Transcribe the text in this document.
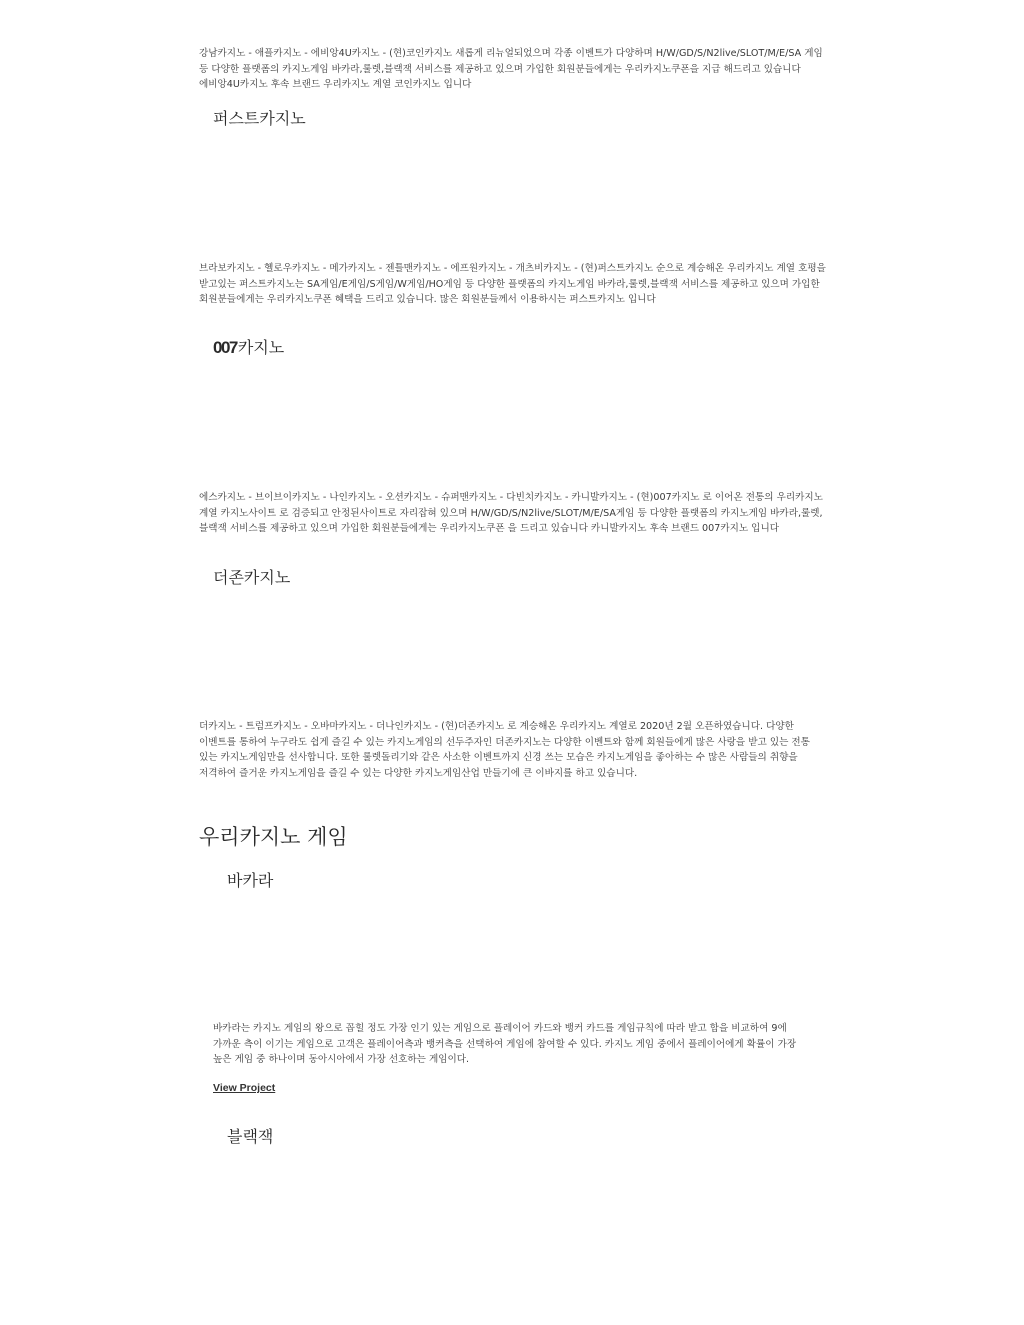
강남카지노 - 애플카지노 - 에비앙4U카지노 - (현)코인카지노 새롭게 리뉴얼되었으며 각종 이벤트가 다양하며 H/W/GD/S/N2live/SLOT/M/E/SA 게임 등 다양한 플랫폼의 카지노게임 바카라,룰렛,블랙잭 서비스를 제공하고 있으며 가입한 회원분들에게는 우리카지노쿠폰을 지급 해드리고 있습니다 에비앙4U카지노 후속 브랜드 우리카지노 계열 코인카지노 입니다

퍼스트카지노

브라보카지노 - 헬로우카지노 - 메가카지노 - 젠틀맨카지노 - 에프원카지노 - 개츠비카지노 - (현)퍼스트카지노 순으로 계승해온 우리카지노 계열 호평을 받고있는 퍼스트카지노는 SA게임/E게임/S게임/W게임/HO게임 등 다양한 플랫폼의 카지노게임 바카라,룰렛,블랙잭 서비스를 제공하고 있으며 가입한 회원분들에게는 우리카지노쿠폰 혜택을 드리고 있습니다. 많은 회원분들께서 이용하시는 퍼스트카지노 입니다

007카지노

에스카지노 - 브이브이카지노 - 나인카지노 - 오션카지노 - 슈퍼맨카지노 - 다빈치카지노 - 카니발카지노 - (현)007카지노 로 이어온 전통의 우리카지노 계열 카지노사이트 로 검증되고 안정된사이트로 자리잡혀 있으며 H/W/GD/S/N2live/SLOT/M/E/SA게임 등 다양한 플랫폼의 카지노게임 바카라,룰렛,블랙잭 서비스를 제공하고 있으며 가입한 회원분들에게는 우리카지노쿠폰 을 드리고 있습니다 카니발카지노 후속 브랜드 007카지노 입니다

더존카지노

더카지노 - 트럼프카지노 - 오바마카지노 - 더나인카지노 - (현)더존카지노 로 계승해온 우리카지노 계열로 2020년 2월 오픈하였습니다. 다양한 이벤트를 통하여 누구라도 쉽게 즐길 수 있는 카지노게임의 선두주자인 더존카지노는 다양한 이벤트와 함께 회원들에게 많은 사랑을 받고 있는 전통 있는 카지노게임만을 선사합니다. 또한 룰렛돌리기와 같은 사소한 이벤트까지 신경 쓰는 모습은 카지노게임을 좋아하는 수 많은 사람들의 취향을 저격하여 즐거운 카지노게임을 즐길 수 있는 다양한 카지노게임산업 만들기에 큰 이바지를 하고 있습니다.

우리카지노 게임
바카라

바카라는 카지노 게임의 왕으로 꼽힐 정도 가장 인기 있는 게임으로 플레이어 카드와 뱅커 카드를 게임규칙에 따라 받고 합을 비교하여 9에 가까운 측이 이기는 게임으로 고객은 플레이어측과 뱅커측을 선택하여 게임에 참여할 수 있다. 카지노 게임 중에서 플레이어에게 확률이 가장 높은 게임 중 하나이며 동아시아에서 가장 선호하는 게임이다.

View Project
블랙잭
